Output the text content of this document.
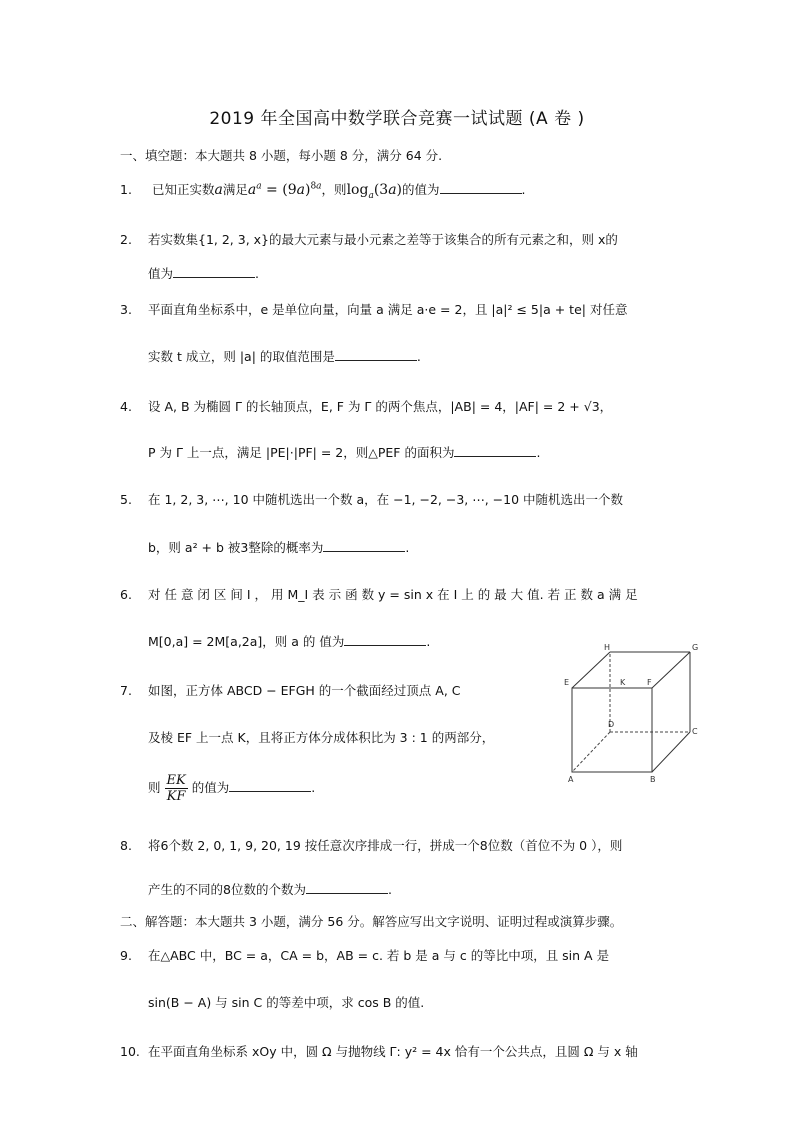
2019 年全国高中数学联合竞赛一试试题 (A 卷 )
一、填空题：本大题共 8 小题，每小题 8 分，满分 64 分.
1. 已知正实数a满足$a^a = (9a)^{8a}$，则$\log_a(3a)$的值为	.
2. 若实数集{1, 2, 3, x}的最大元素与最小元素之差等于该集合的所有元素之和，则 x的
值为	.
3. 平面直角坐标系中，e 是单位向量，向量 a 满足 a·e = 2，且 |a|² ≤ 5|a + te| 对任意
实数 t 成立，则 |a| 的取值范围是	.
4. 设 A, B 为椭圆 Γ 的长轴顶点，E, F 为 Γ 的两个焦点，|AB| = 4，|AF| = 2 + √3，
P 为 Γ 上一点，满足 |PE|·|PF| = 2，则△PEF 的面积为	.
5. 在 1, 2, 3, ⋯, 10 中随机选出一个数 a，在 −1, −2, −3, ⋯, −10 中随机选出一个数
b，则 a² + b 被3整除的概率为	.
6. 对 任 意 闭 区 间 I ， 用 M_I 表 示 函 数 y = sin x 在 I 上 的 最 大 值. 若 正 数 a 满 足
M[0,a] = 2M[a,2a]，则 a 的 值为	.
7. 如图，正方体 ABCD − EFGH 的一个截面经过顶点 A, C
及棱 EF 上一点 K，且将正方体分成体积比为 3 : 1 的两部分，
则 $\frac{EK}{KF}$ 的值为	.
H	G
E	K	F
D
C
A	B
8. 将6个数 2, 0, 1, 9, 20, 19 按任意次序排成一行，拼成一个8位数（首位不为 0 ），则
产生的不同的8位数的个数为	.
二、解答题：本大题共 3 小题，满分 56 分。解答应写出文字说明、证明过程或演算步骤。
9. 在△ABC 中，BC = a，CA = b，AB = c. 若 b 是 a 与 c 的等比中项，且 sin A 是
sin(B − A) 与 sin C 的等差中项，求 cos B 的值.
10. 在平面直角坐标系 xOy 中，圆 Ω 与抛物线 Γ: y² = 4x 恰有一个公共点，且圆 Ω 与 x 轴
